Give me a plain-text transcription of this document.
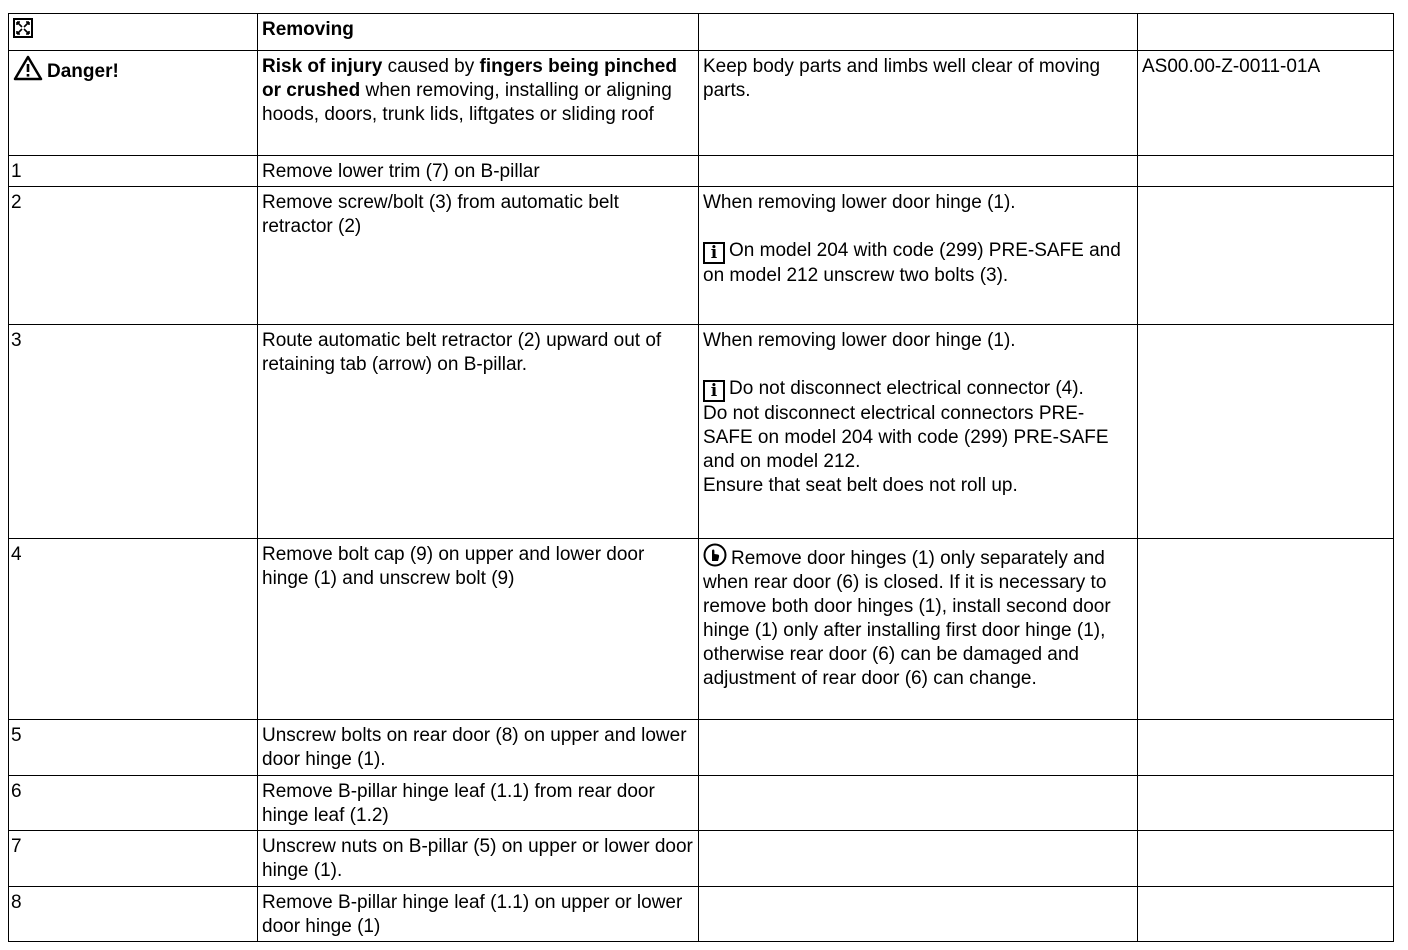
	Removing		
Danger!	Risk of injury caused by fingers being pinched or crushed when removing, installing or aligning hoods, doors, trunk lids, liftgates or sliding roof	Keep body parts and limbs well clear of moving parts.	AS00.00-Z-0011-01A
1	Remove lower trim (7) on B-pillar		
2	Remove screw/bolt (3) from automatic belt retractor (2)	When removing lower door hinge (1).
i On model 204 with code (299) PRE-SAFE and on model 212 unscrew two bolts (3).	
3	Route automatic belt retractor (2) upward out of retaining tab (arrow) on B-pillar.	When removing lower door hinge (1).
i Do not disconnect electrical connector (4).
Do not disconnect electrical connectors PRE-SAFE on model 204 with code (299) PRE-SAFE and on model 212.
Ensure that seat belt does not roll up.	

4	Remove bolt cap (9) on upper and lower door hinge (1) and unscrew bolt (9)	Remove door hinges (1) only separately and when rear door (6) is closed. If it is necessary to remove both door hinges (1), install second door hinge (1) only after installing first door hinge (1), otherwise rear door (6) can be damaged and adjustment of rear door (6) can change.	
5	Unscrew bolts on rear door (8) on upper and lower door hinge (1).		
6	Remove B-pillar hinge leaf (1.1) from rear door hinge leaf (1.2)		
7	Unscrew nuts on B-pillar (5) on upper or lower door hinge (1).		
8	Remove B-pillar hinge leaf (1.1) on upper or lower door hinge (1)		
